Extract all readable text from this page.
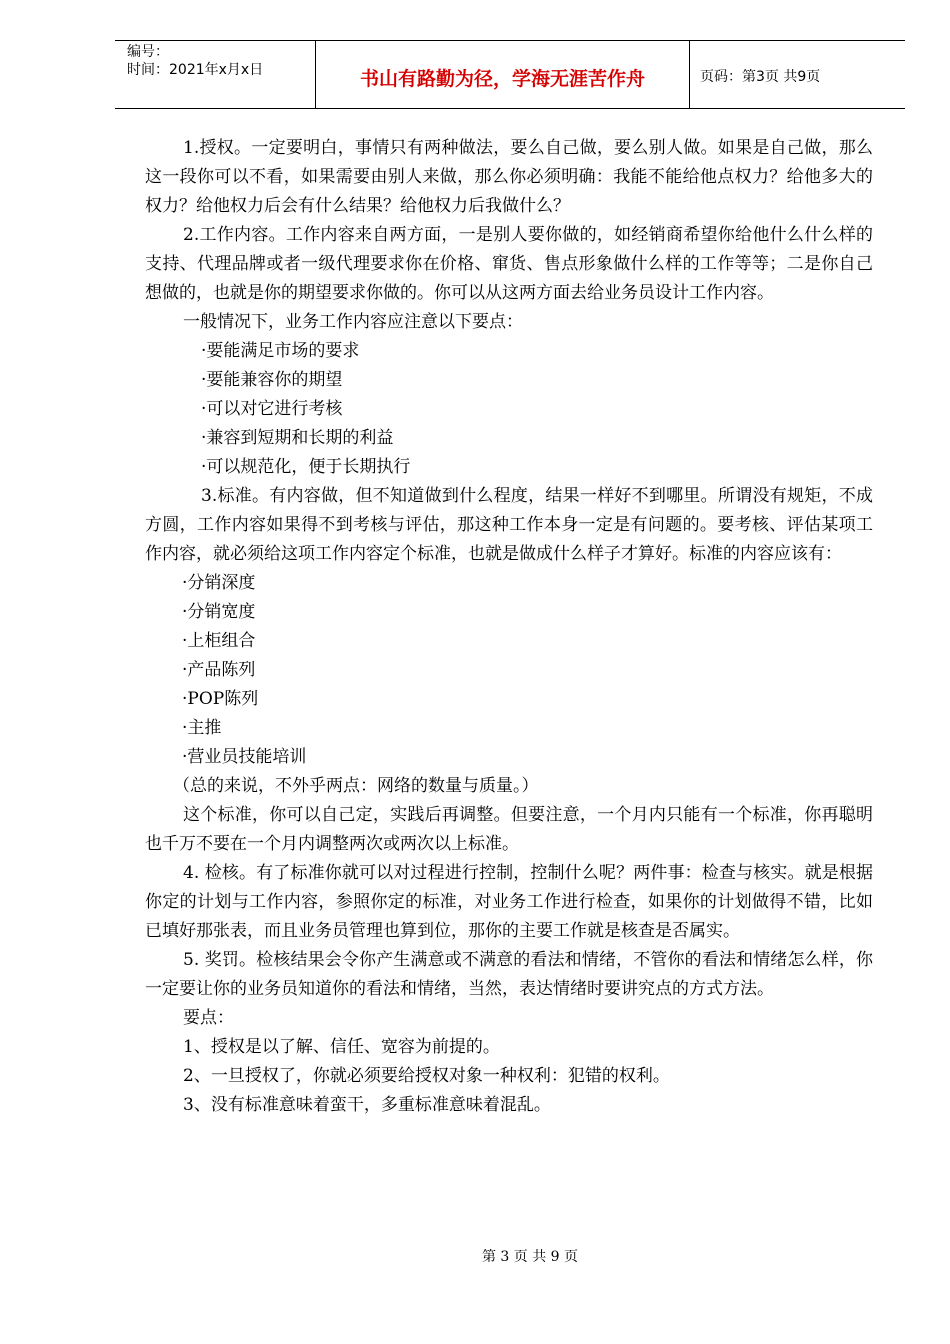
编号：
时间：2021年x月x日	书山有路勤为径，学海无涯苦作舟	页码：第3页 共9页

1.授权。一定要明白，事情只有两种做法，要么自己做，要么别人做。如果是自己做，那么这一段你可以不看，如果需要由别人来做，那么你必须明确：我能不能给他点权力？给他多大的权力？给他权力后会有什么结果？给他权力后我做什么？

2.工作内容。工作内容来自两方面，一是别人要你做的，如经销商希望你给他什么什么样的支持、代理品牌或者一级代理要求你在价格、窜货、售点形象做什么样的工作等等；二是你自己想做的，也就是你的期望要求你做的。你可以从这两方面去给业务员设计工作内容。

一般情况下，业务工作内容应注意以下要点：

·要能满足市场的要求

·要能兼容你的期望

·可以对它进行考核

·兼容到短期和长期的利益

·可以规范化，便于长期执行

3.标准。有内容做，但不知道做到什么程度，结果一样好不到哪里。所谓没有规矩，不成方圆，工作内容如果得不到考核与评估，那这种工作本身一定是有问题的。要考核、评估某项工作内容，就必须给这项工作内容定个标准，也就是做成什么样子才算好。标准的内容应该有：

·分销深度

·分销宽度

·上柜组合

·产品陈列

·POP陈列

·主推

·营业员技能培训

（总的来说，不外乎两点：网络的数量与质量。）

这个标准，你可以自己定，实践后再调整。但要注意，一个月内只能有一个标准，你再聪明也千万不要在一个月内调整两次或两次以上标准。

4. 检核。有了标准你就可以对过程进行控制，控制什么呢？两件事：检查与核实。就是根据你定的计划与工作内容，参照你定的标准，对业务工作进行检查，如果你的计划做得不错，比如已填好那张表，而且业务员管理也算到位，那你的主要工作就是核查是否属实。

5. 奖罚。检核结果会令你产生满意或不满意的看法和情绪，不管你的看法和情绪怎么样，你一定要让你的业务员知道你的看法和情绪，当然，表达情绪时要讲究点的方式方法。

要点：

1、授权是以了解、信任、宽容为前提的。

2、一旦授权了，你就必须要给授权对象一种权利：犯错的权利。

3、没有标准意味着蛮干，多重标准意味着混乱。

第 3 页 共 9 页
